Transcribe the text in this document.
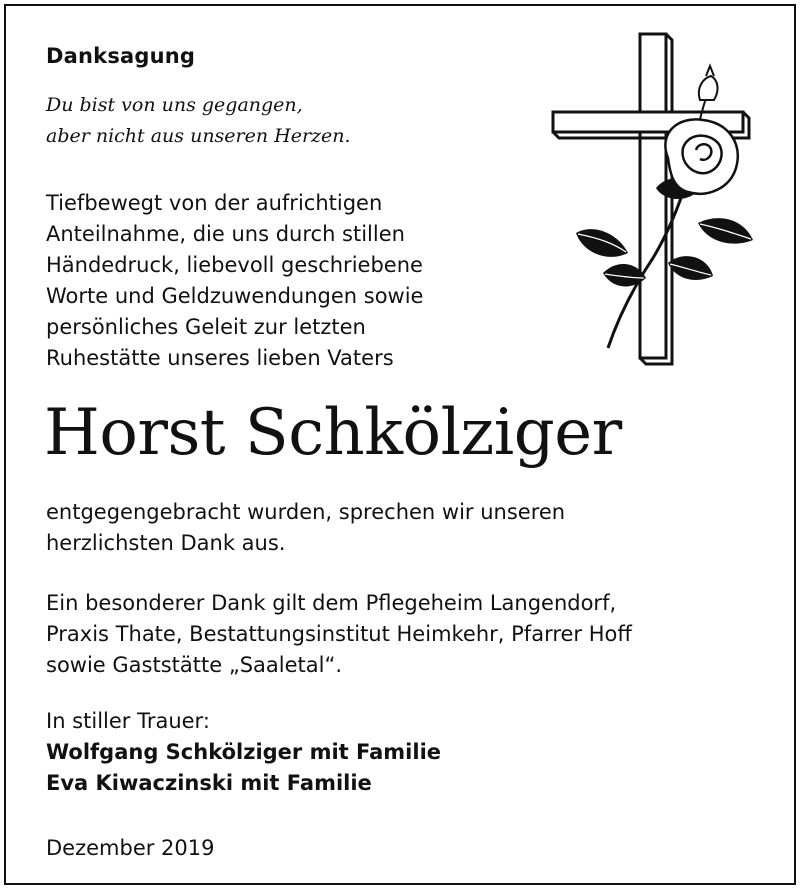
Danksagung
Du bist von uns gegangen,
aber nicht aus unseren Herzen.
Tiefbewegt von der aufrichtigen
Anteilnahme, die uns durch stillen
Händedruck, liebevoll geschriebene
Worte und Geldzuwendungen sowie
persönliches Geleit zur letzten
Ruhestätte unseres lieben Vaters
Horst Schkölziger
entgegengebracht wurden, sprechen wir unseren
herzlichsten Dank aus.
Ein besonderer Dank gilt dem Pflegeheim Langendorf,
Praxis Thate, Bestattungsinstitut Heimkehr, Pfarrer Hoff
sowie Gaststätte „Saaletal“.
In stiller Trauer:
Wolfgang Schkölziger mit Familie
Eva Kiwaczinski mit Familie
Dezember 2019
